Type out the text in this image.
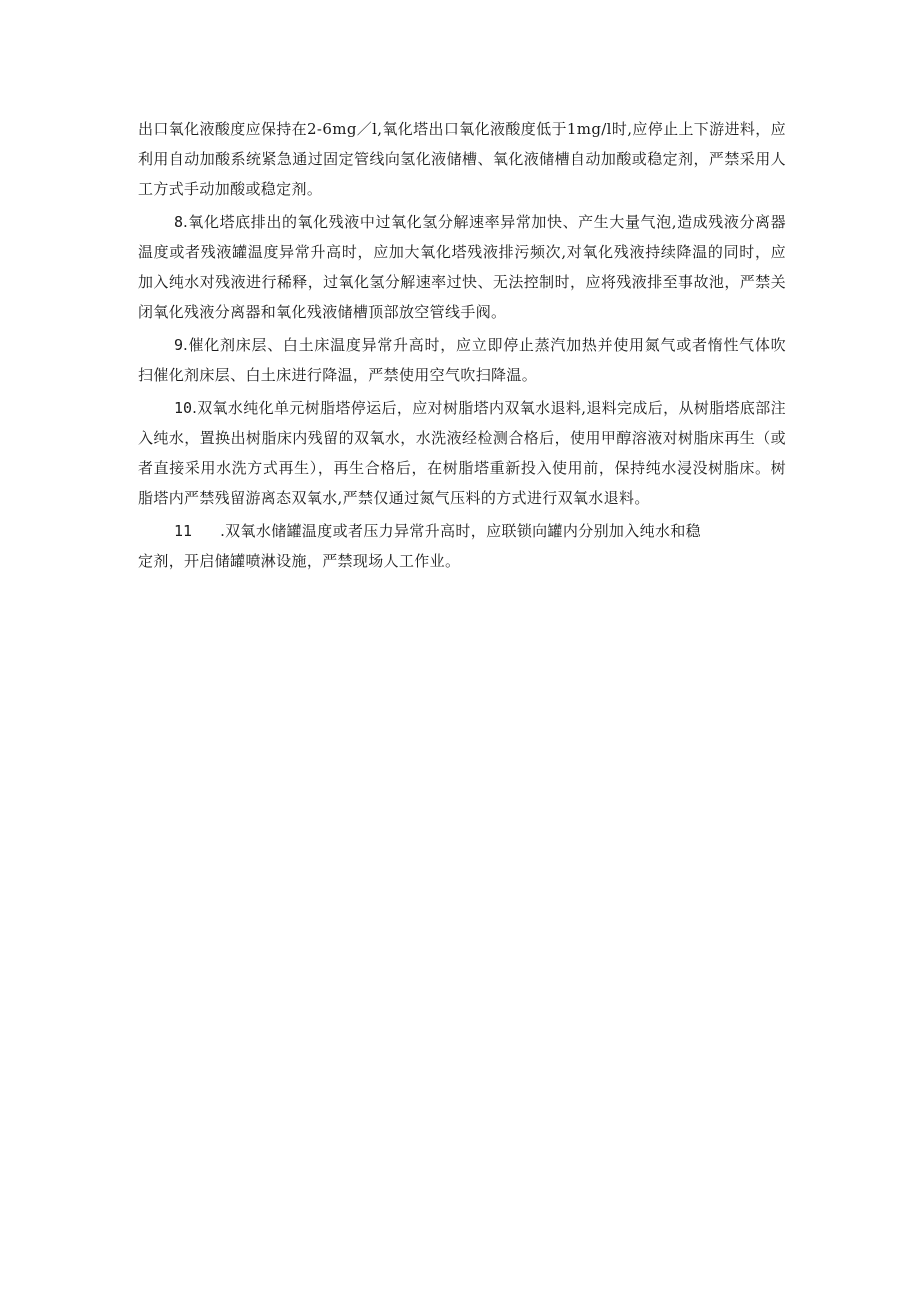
出口氧化液酸度应保持在2-6mg／l,氧化塔出口氧化液酸度低于1mg/l时,应停止上下游进料，应利用自动加酸系统紧急通过固定管线向氢化液储槽、氧化液储槽自动加酸或稳定剂，严禁采用人工方式手动加酸或稳定剂。

8.氧化塔底排出的氧化残液中过氧化氢分解速率异常加快、产生大量气泡,造成残液分离器温度或者残液罐温度异常升高时，应加大氧化塔残液排污频次,对氧化残液持续降温的同时，应加入纯水对残液进行稀释，过氧化氢分解速率过快、无法控制时，应将残液排至事故池，严禁关闭氧化残液分离器和氧化残液储槽顶部放空管线手阀。

9.催化剂床层、白土床温度异常升高时，应立即停止蒸汽加热并使用氮气或者惰性气体吹扫催化剂床层、白土床进行降温，严禁使用空气吹扫降温。

10.双氧水纯化单元树脂塔停运后，应对树脂塔内双氧水退料,退料完成后，从树脂塔底部注入纯水，置换出树脂床内残留的双氧水，水洗液经检测合格后，使用甲醇溶液对树脂床再生（或者直接采用水洗方式再生），再生合格后，在树脂塔重新投入使用前，保持纯水浸没树脂床。树脂塔内严禁残留游离态双氧水,严禁仅通过氮气压料的方式进行双氧水退料。

11 .双氧水储罐温度或者压力异常升高时，应联锁向罐内分别加入纯水和稳

定剂，开启储罐喷淋设施，严禁现场人工作业。
